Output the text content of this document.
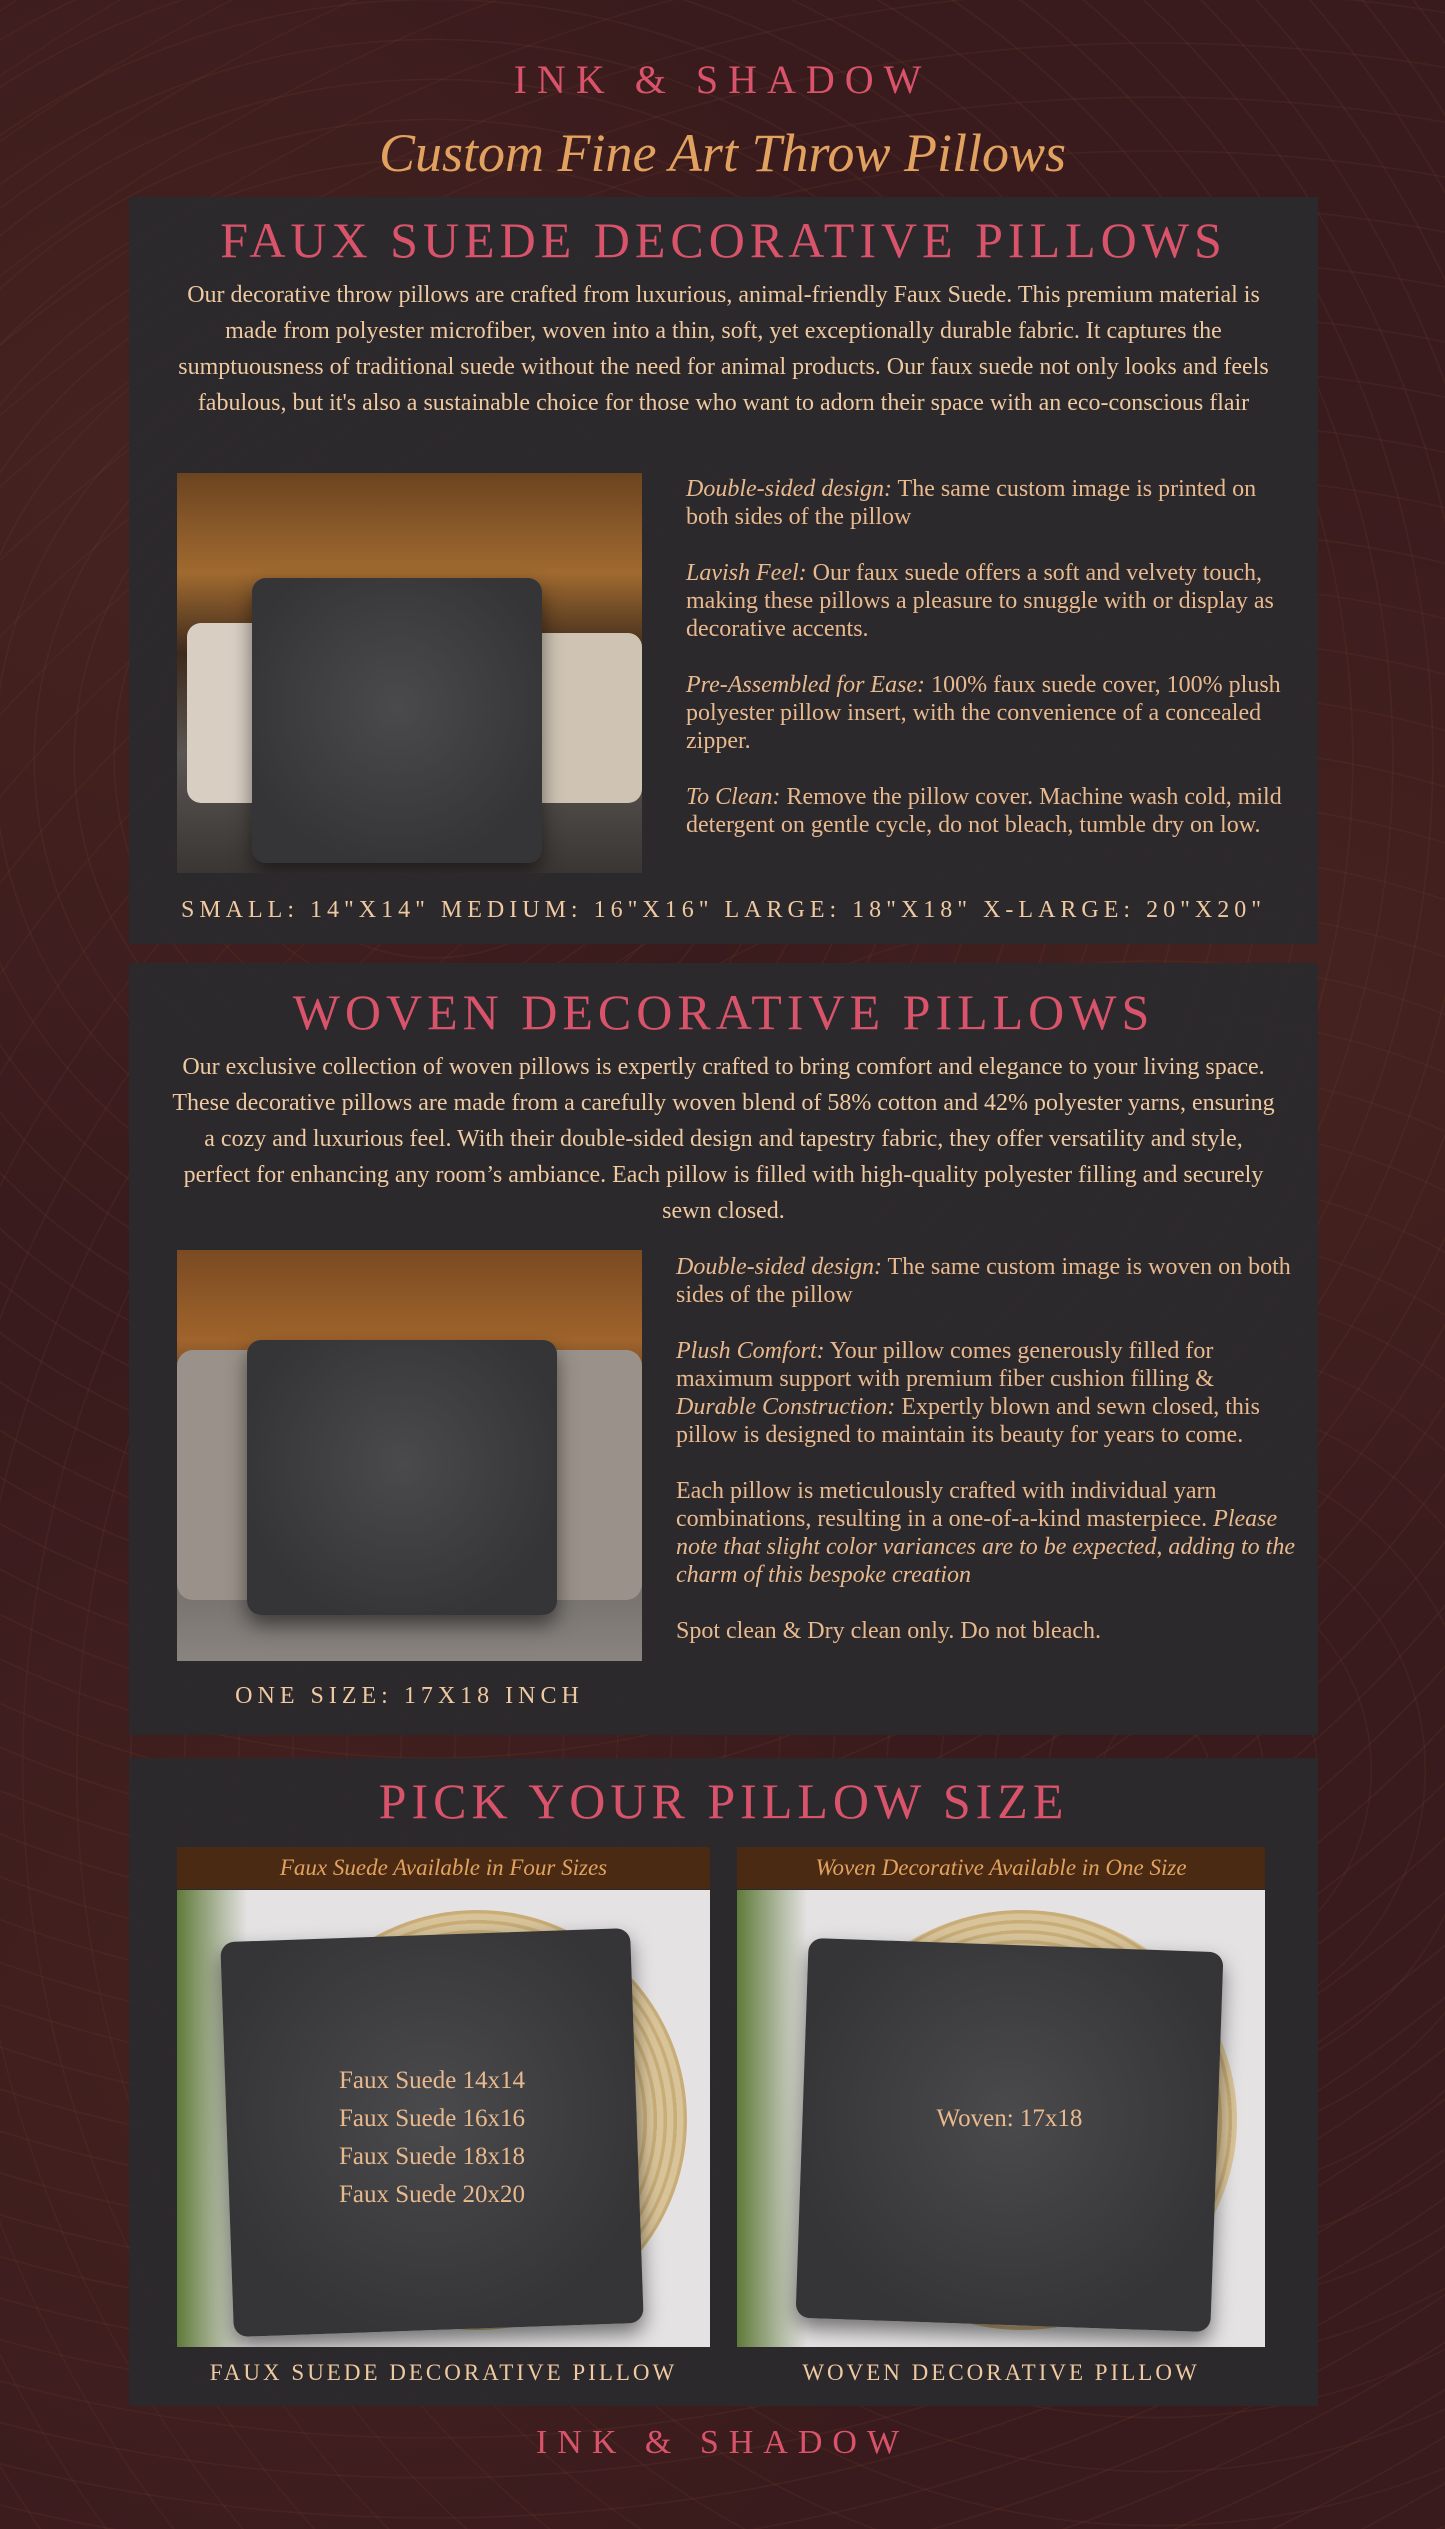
INK & SHADOW
Custom Fine Art Throw Pillows
FAUX SUEDE DECORATIVE PILLOWS
Our decorative throw pillows are crafted from luxurious, animal-friendly Faux Suede. This premium material is made from polyester microfiber, woven into a thin, soft, yet exceptionally durable fabric. It captures the sumptuousness of traditional suede without the need for animal products. Our faux suede not only looks and feels fabulous, but it's also a sustainable choice for those who want to adorn their space with an eco-conscious flair

Double-sided design: The same custom image is printed on both sides of the pillow

Lavish Feel: Our faux suede offers a soft and velvety touch, making these pillows a pleasure to snuggle with or display as decorative accents.

Pre-Assembled for Ease: 100% faux suede cover, 100% plush polyester pillow insert, with the convenience of a concealed zipper.

To Clean: Remove the pillow cover. Machine wash cold, mild detergent on gentle cycle, do not bleach, tumble dry on low.

SMALL: 14"X14" MEDIUM: 16"X16" LARGE: 18"X18" X-LARGE: 20"X20"
WOVEN DECORATIVE PILLOWS
Our exclusive collection of woven pillows is expertly crafted to bring comfort and elegance to your living space. These decorative pillows are made from a carefully woven blend of 58% cotton and 42% polyester yarns, ensuring a cozy and luxurious feel. With their double-sided design and tapestry fabric, they offer versatility and style, perfect for enhancing any room’s ambiance. Each pillow is filled with high-quality polyester filling and securely sewn closed.

Double-sided design: The same custom image is woven on both sides of the pillow

Plush Comfort: Your pillow comes generously filled for maximum support with premium fiber cushion filling & Durable Construction: Expertly blown and sewn closed, this pillow is designed to maintain its beauty for years to come.

Each pillow is meticulously crafted with individual yarn combinations, resulting in a one-of-a-kind masterpiece. Please note that slight color variances are to be expected, adding to the charm of this bespoke creation

Spot clean & Dry clean only. Do not bleach.

ONE SIZE: 17X18 INCH
PICK YOUR PILLOW SIZE
Faux Suede Available in Four Sizes	Woven Decorative Available in One Size
Faux Suede 14x14
Faux Suede 16x16
Faux Suede 18x18
Faux Suede 20x20
Woven: 17x18
FAUX SUEDE DECORATIVE PILLOW	WOVEN DECORATIVE PILLOW
INK & SHADOW
